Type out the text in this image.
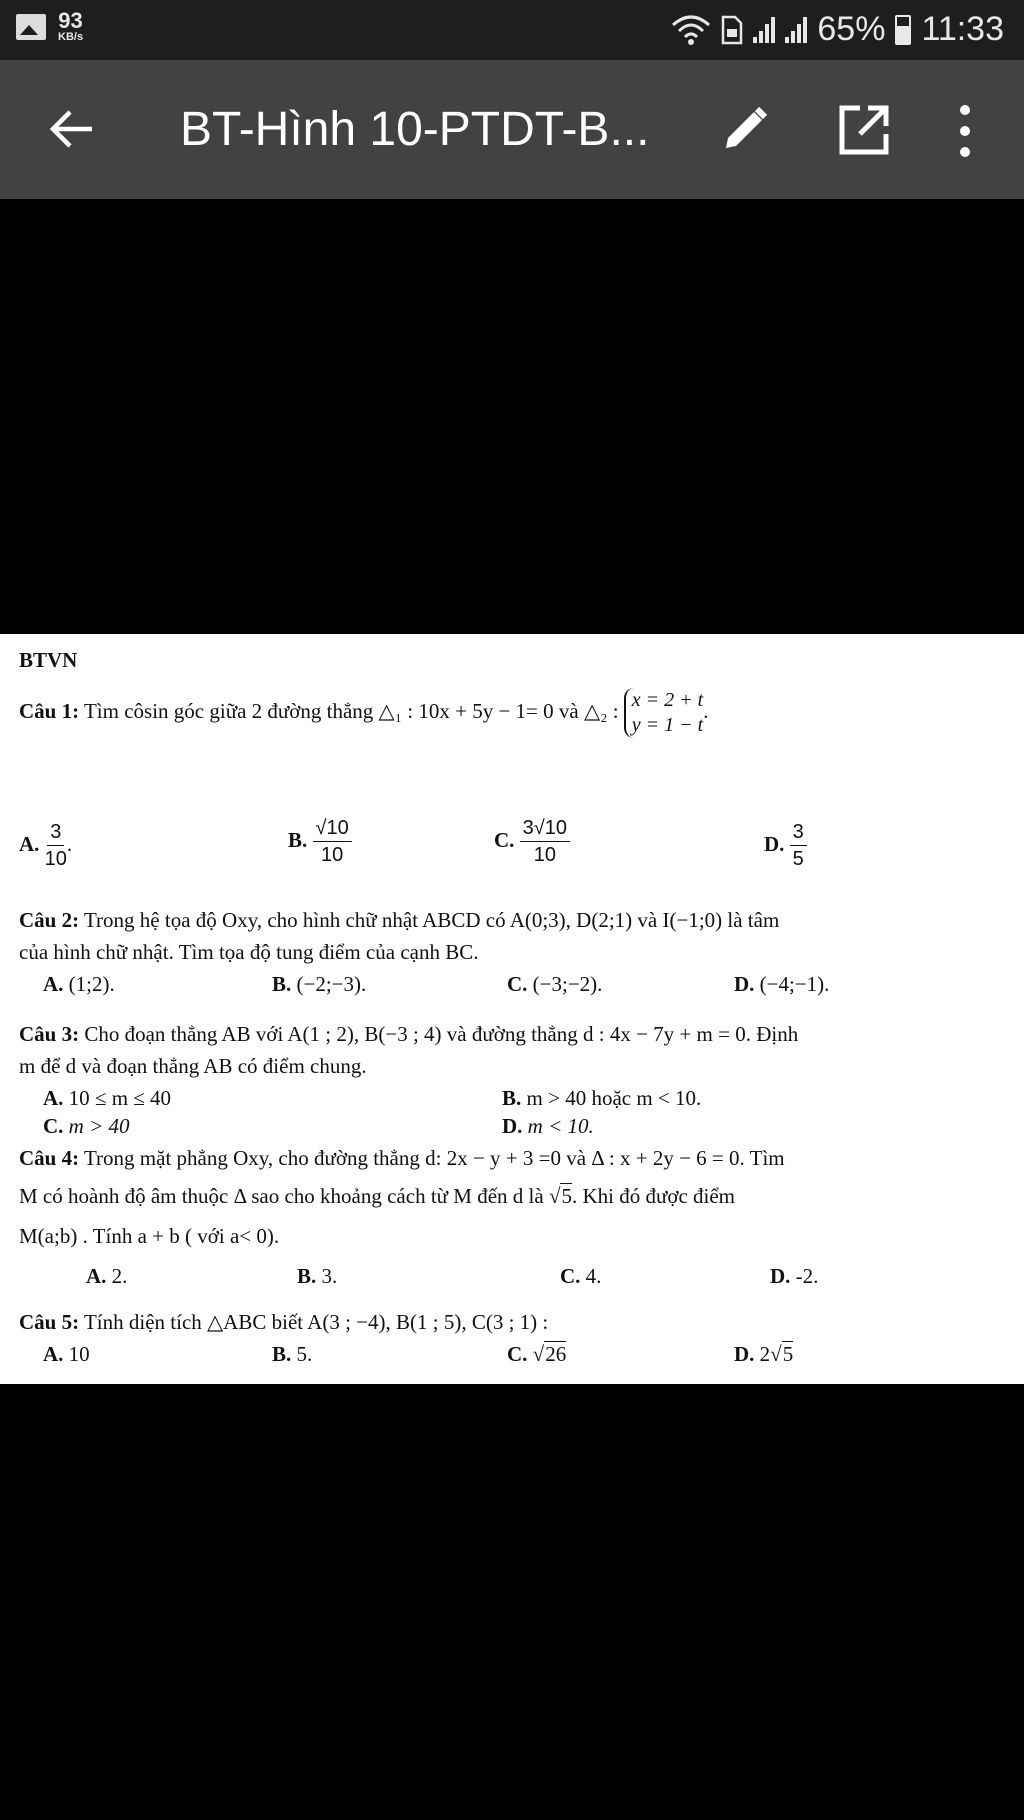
93
KB/s	65% 11:33
BT-Hình 10-PTDT-B...
BTVN
Câu 1: Tìm côsin góc giữa 2 đường thẳng △₁ : 10x + 5y − 1= 0 và △₂ : x = 2 + t
y = 1 − t
.
A. $\frac{3}{10}$ .	B. $\frac{√10}{10}$	C. $\frac{3√10}{10}$	D. $\frac{3}{5}$
Câu 2: Trong hệ tọa độ Oxy, cho hình chữ nhật ABCD có A(0;3), D(2;1) và I(−1;0) là tâm
của hình chữ nhật. Tìm tọa độ tung điểm của cạnh BC.
A. (1;2).	B. (−2;−3).	C. (−3;−2).	D. (−4;−1).
Câu 3: Cho đoạn thẳng AB với A(1 ; 2), B(−3 ; 4) và đường thẳng d : 4x − 7y + m = 0. Định
m để d và đoạn thẳng AB có điểm chung.
A. 10 ≤ m ≤ 40	B. m > 40 hoặc m < 10.
C. m > 40	D. m < 10.
Câu 4: Trong mặt phẳng Oxy, cho đường thẳng d: 2x − y + 3 =0 và Δ : x + 2y − 6 = 0. Tìm
M có hoành độ âm thuộc Δ sao cho khoảng cách từ M đến d là √5. Khi đó được điểm
M(a;b) . Tính a + b ( với a< 0).
A. 2.	B. 3.	C. 4.	D. -2.
Câu 5: Tính diện tích △ABC biết A(3 ; −4), B(1 ; 5), C(3 ; 1) :
A. 10	B. 5.	C. √26	D. 2√5
